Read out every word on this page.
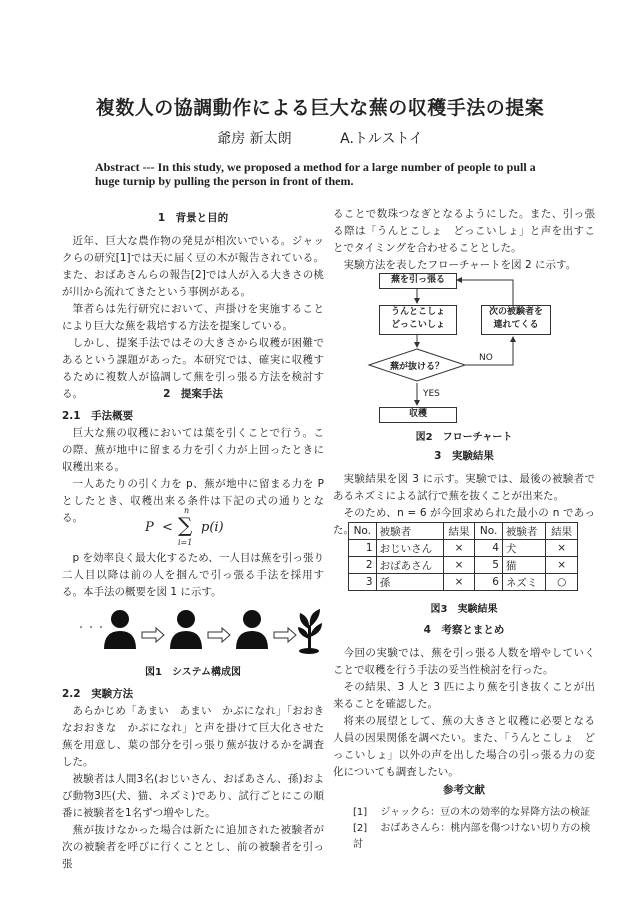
複数人の協調動作による巨大な蕪の収穫手法の提案
爺房 新太朗	A.トルストイ
Abstract --- In this study, we proposed a method for a large number of people to pull a huge turnip by pulling the person in front of them.

1　背景と目的

近年、巨大な農作物の発見が相次いでいる。ジャックらの研究[1]では天に届く豆の木が報告されている。また、おばあさんらの報告[2]では人が入る大きさの桃が川から流れてきたという事例がある。

筆者らは先行研究において、声掛けを実施することにより巨大な蕪を栽培する方法を提案している。

しかし、提案手法ではその大きさから収穫が困難であるという課題があった。本研究では、確実に収穫するために複数人が協調して蕪を引っ張る方法を検討する。	2　提案手法

2.1　手法概要

巨大な蕪の収穫においては葉を引くことで行う。この際、蕪が地中に留まる力を引く力が上回ったときに収穫出来る。

一人あたりの引く力を p、蕪が地中に留まる力を P としたとき、収穫出来る条件は下記の式の通りとなる。

P <
n
∑
i=1
p(i)

p を効率良く最大化するため、一人目は蕪を引っ張り二人目以降は前の人を掴んで引っ張る手法を採用する。本手法の概要を図 1 に示す。

・・・
図1　システム構成図

2.2　実験方法

あらかじめ「あまい　あまい　かぶになれ」「おおきなおおきな　かぶになれ」と声を掛けて巨大化させた蕪を用意し、葉の部分を引っ張り蕪が抜けるかを調査した。

被験者は人間3名(おじいさん、おばあさん、孫)および動物3匹(犬、猫、ネズミ)であり、試行ごとにこの順番に被験者を1名ずつ増やした。

蕪が抜けなかった場合は新たに追加された被験者が次の被験者を呼びに行くこととし、前の被験者を引っ張

ることで数珠つなぎとなるようにした。また、引っ張る際は「うんとこしょ　どっこいしょ」と声を出すことでタイミングを合わせることとした。

実験方法を表したフローチャートを図 2 に示す。

蕪を引っ張る
うんとこしょ
どっこいしょ
次の被験者を
連れてくる
蕪が抜ける？
NO
YES
収穫
図2　フローチャート

3　実験結果

実験結果を図 3 に示す。実験では、最後の被験者であるネズミによる試行で蕪を抜くことが出来た。

そのため、n = 6 が今回求められた最小の n であった。 No.	被験者	結果	No.	被験者	結果
1	おじいさん	×	4	犬	×
2	おばあさん	×	5	猫	×
3	孫	×	6	ネズミ	○
図3　実験結果

4　考察とまとめ

今回の実験では、蕪を引っ張る人数を増やしていくことで収穫を行う手法の妥当性検討を行った。

その結果、3 人と 3 匹により蕪を引き抜くことが出来ることを確認した。

将来の展望として、蕪の大きさと収穫に必要となる人員の因果関係を調べたい。また、「うんとこしょ　どっこいしょ」以外の声を出した場合の引っ張る力の変化についても調査したい。

参考文献

[1] ジャックら：豆の木の効率的な昇降方法の検証
[2] おばあさんら：桃内部を傷つけない切り方の検討
